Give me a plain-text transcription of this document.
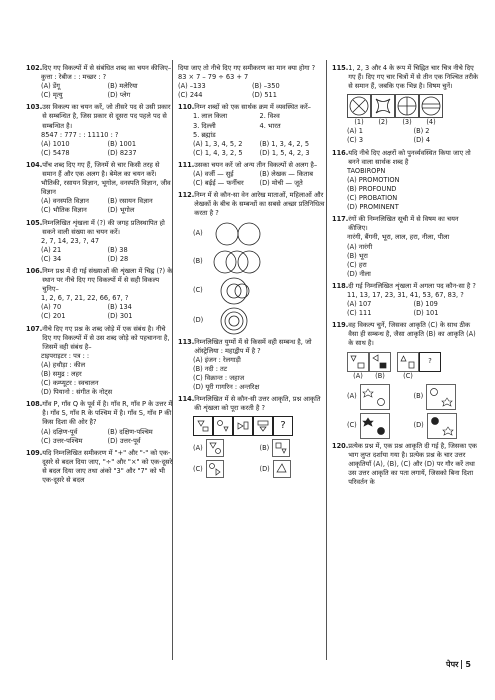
102. दिए गए विकल्पों में से संबंधित शब्द का चयन कीजिए–
कुत्ता : रेबीज : : मच्छर : ?
(A) डेंगू	(B) मलेरिया
(C) मृत्यु	(D) प्लेग
103. उस विकल्प का चयन करें, जो तीसरे पद से उसी प्रकार से सम्बन्धित है, जिस प्रकार से दूसरा पद पहले पद से सम्बन्धित है।
8547 : 777 : : 11110 : ?
(A) 1010	(B) 1001
(C) 5478	(D) 8237
104. पाँच शब्द दिए गए हैं, जिनमें से चार किसी तरह से समान हैं और एक अलग है। बेमेल का चयन करें।
भौतिकी, रसायन विज्ञान, भूगोल, वनस्पति विज्ञान, जीव विज्ञान
(A) वनस्पति विज्ञान	(B) रसायन विज्ञान
(C) भौतिक विज्ञान	(D) भूगोल
105. निम्नलिखित शृंखला में (?) की जगह प्रतिस्थापित हो सकने वाली संख्या का चयन करें।
2, 7, 14, 23, ?, 47
(A) 21	(B) 38
(C) 34	(D) 28
106. निम्न प्रश्न में दी गई संख्याओं की शृंखला में चिह्न (?) के स्थान पर नीचे दिए गए विकल्पों में से सही विकल्प चुनिए–
1, 2, 6, 7, 21, 22, 66, 67, ?
(A) 70	(B) 134
(C) 201	(D) 301
107. नीचे दिए गए प्रश्न के शब्द जोड़े में एक संबंध है। नीचे दिए गए विकल्पों में से उस शब्द जोड़े को पहचानना है, जिसमें वही संबंध है–
टाइपराइटर : पत्र : :
(A) हथौड़ा : कील
(B) समुद्र : लहर
(C) कम्प्यूटर : स्वचालन
(D) पियानो : संगीत के नोट्स
108. गाँव P, गाँव Q के पूर्व में है। गाँव R, गाँव P के उत्तर में है। गाँव S, गाँव R के पश्चिम में है। गाँव S, गाँव P की किस दिशा की ओर है?
(A) दक्षिण-पूर्व	(B) दक्षिण-पश्चिम
(C) उत्तर-पश्चिम	(D) उत्तर-पूर्व
109. यदि निम्नलिखित समीकरण में "+" और "-" को एक-दूसरे से बदल दिया जाए, "÷" और "×" को एक-दूसरे से बदल दिया जाए तथा अंको "3" और "7" को भी एक-दूसरे से बदल
दिया जाए तो नीचे दिए गए समीकरण का मान क्या होगा ?
83 × 7 – 79 ÷ 63 + 7
(A) –133	(B) –350
(C) 244	(D) 511
110. निम्न शब्दों को एक सार्थक क्रम में व्यवस्थित करें–
1. लाल किला	2. विश्व
3. दिल्ली	4. भारत
5. ब्रह्मांड
(A) 1, 3, 4, 5, 2	(B) 1, 3, 4, 2, 5
(C) 1, 4, 3, 2, 5	(D) 1, 5, 4, 2, 3
111. उसका चयन करें जो अन्य तीन विकल्पों से अलग है–
(A) वर्जी — सुई	(B) लेखक — किताब
(C) बर्ढ़ई — फर्नीचर	(D) मोची — जूते
112. निम्न में से कौन-सा वेन आरेख माताओं, महिलाओं और लेखकों के बीच के सम्बन्धों का सबसे अच्छा प्रतिनिधित्व करता है ?
(A)
(B)
(C)
(D)
113. निम्नलिखित युग्मों में से किसमें वही सम्बन्ध है, जो ऑस्ट्रेलिया : महाद्वीप में है ?
(A) इंजन : रेलगाड़ी
(B) नदी : तट
(C) विक्रान्त : जहाज
(D) यूरी गागरिन : अन्तरिक्ष
114. निम्नलिखित में से कौन-सी उत्तर आकृति, प्रश्न आकृति की शृंखला को पूरा करती है ?
?
(A)	(B)
(C)	(D)
115. 1, 2, 3 और 4 के रूप में चिह्नित चार चित्र नीचे दिए गए हैं। दिए गए चार चित्रों में से तीन एक निश्चित तरीके से समान हैं, जबकि एक भिन्न है। विषम चुनें।
(1)	(2)	(3)	(4)
(A) 1	(B) 2
(C) 3	(D) 4
116. यदि नीचे दिए अक्षरों को पुनर्व्यवस्थित किया जाए तो बनने वाला सार्थक शब्द है
TAOBIROPN
(A) PROMOTION
(B) PROFOUND
(C) PROBATION
(D) PROMINENT
117. रंगों की निम्नलिखित सूची में से विषम का चयन कीजिए।
नारंगी, बैंगनी, भूरा, लाल, हरा, नीला, पीला
(A) नारंगी
(B) भूरा
(C) हरा
(D) नीला
118. दी गई निम्नलिखित शृंखला में अगला पद कौन-सा है ?
11, 13, 17, 23, 31, 41, 53, 67, 83, ?
(A) 107	(B) 109
(C) 111	(D) 101
119. वह विकल्प चुनें, जिसका आकृति (C) के साथ ठीक वैसा ही सम्बन्ध है, जैसा आकृति (B) का आकृति (A) के साथ है।
?
(A)	(B)	(C)
(A)	(B)
(C)	(D)
120. प्रत्येक प्रश्न में, एक प्रश्न आकृति दी गई है, जिसका एक भाग लुप्त दर्शाया गया है। प्रत्येक प्रश्न के चार उत्तर आकृतियाँ (A), (B), (C) और (D) पर गौर करें तथा उस उत्तर आकृति का पता लगायें, जिसको बिना दिशा परिवर्तन के
पेपर 5
